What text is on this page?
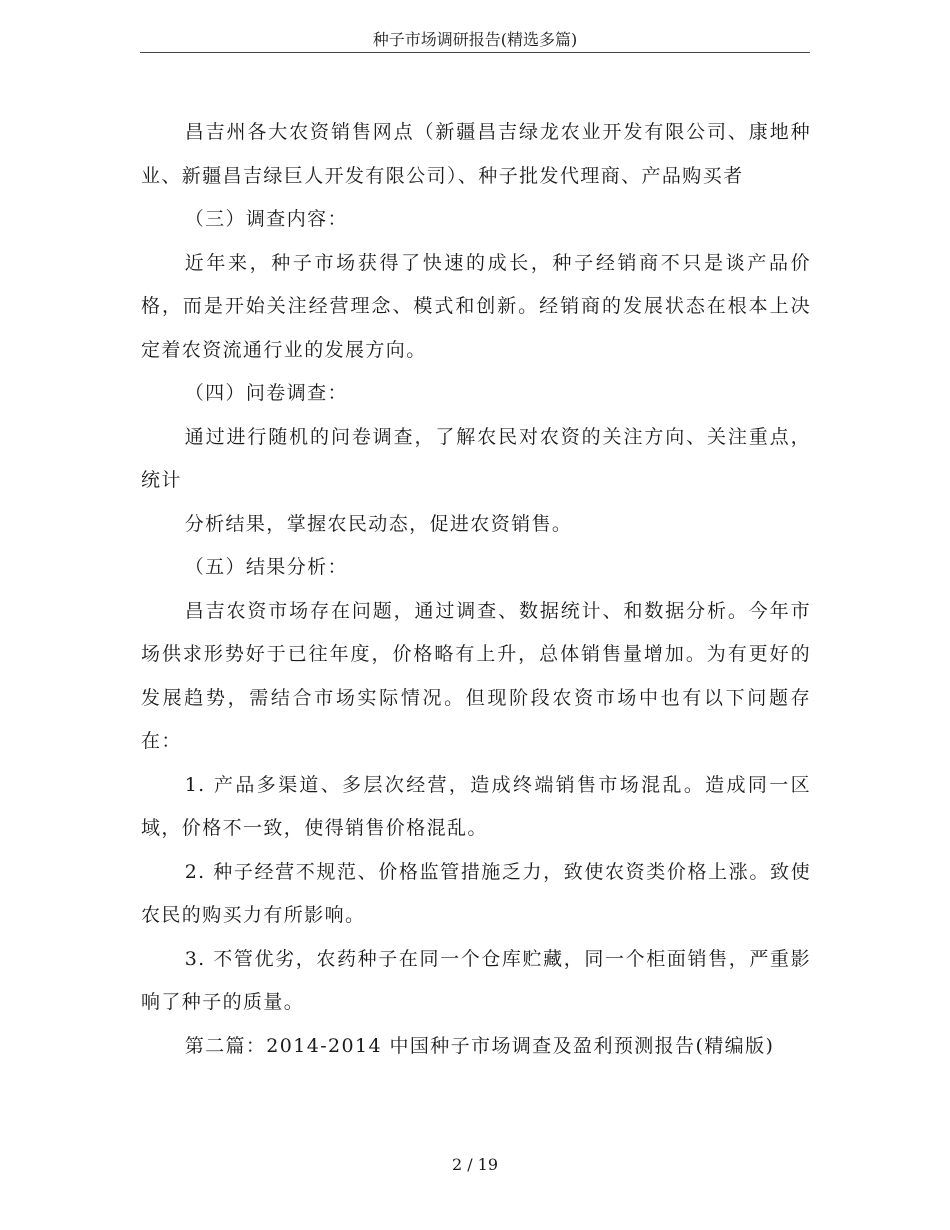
种子市场调研报告(精选多篇)

昌吉州各大农资销售网点（新疆昌吉绿龙农业开发有限公司、康地种业、新疆昌吉绿巨人开发有限公司）、种子批发代理商、产品购买者

（三）调查内容：

近年来，种子市场获得了快速的成长，种子经销商不只是谈产品价格，而是开始关注经营理念、模式和创新。经销商的发展状态在根本上决定着农资流通行业的发展方向。

（四）问卷调查：

通过进行随机的问卷调查，了解农民对农资的关注方向、关注重点，统计

分析结果，掌握农民动态，促进农资销售。

（五）结果分析：

昌吉农资市场存在问题，通过调查、数据统计、和数据分析。今年市场供求形势好于已往年度，价格略有上升，总体销售量增加。为有更好的发展趋势，需结合市场实际情况。但现阶段农资市场中也有以下问题存在：

1. 产品多渠道、多层次经营，造成终端销售市场混乱。造成同一区域，价格不一致，使得销售价格混乱。

2. 种子经营不规范、价格监管措施乏力，致使农资类价格上涨。致使农民的购买力有所影响。

3. 不管优劣，农药种子在同一个仓库贮藏，同一个柜面销售，严重影响了种子的质量。

第二篇：2014-2014 中国种子市场调查及盈利预测报告(精编版)

2 / 19
